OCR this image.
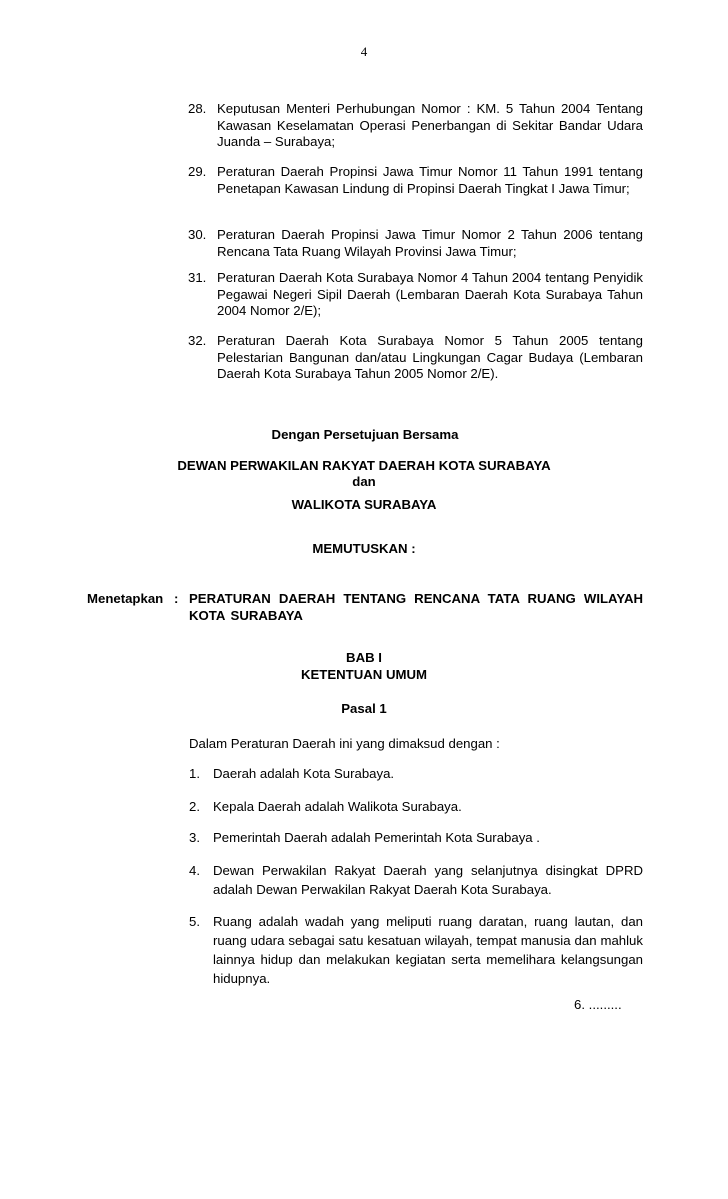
4
28. Keputusan Menteri Perhubungan Nomor : KM. 5 Tahun 2004 Tentang Kawasan Keselamatan Operasi Penerbangan di Sekitar Bandar Udara Juanda – Surabaya;
29. Peraturan Daerah Propinsi Jawa Timur Nomor 11 Tahun 1991 tentang Penetapan Kawasan Lindung di Propinsi Daerah Tingkat I Jawa Timur;
30. Peraturan Daerah Propinsi Jawa Timur Nomor 2 Tahun 2006 tentang Rencana Tata Ruang Wilayah Provinsi Jawa Timur;
31. Peraturan Daerah Kota Surabaya Nomor 4 Tahun 2004 tentang Penyidik Pegawai Negeri Sipil Daerah (Lembaran Daerah Kota Surabaya Tahun 2004 Nomor 2/E);
32. Peraturan Daerah Kota Surabaya Nomor 5 Tahun 2005 tentang Pelestarian Bangunan dan/atau Lingkungan Cagar Budaya (Lembaran Daerah Kota Surabaya Tahun 2005 Nomor 2/E).
Dengan Persetujuan Bersama
DEWAN PERWAKILAN RAKYAT DAERAH KOTA SURABAYA
dan
WALIKOTA SURABAYA
MEMUTUSKAN :
Menetapkan : PERATURAN DAERAH TENTANG RENCANA TATA RUANG WILAYAH KOTA SURABAYA
BAB I
KETENTUAN UMUM
Pasal 1
Dalam Peraturan Daerah ini yang dimaksud dengan :
1. Daerah adalah Kota Surabaya.
2. Kepala Daerah adalah Walikota Surabaya.
3. Pemerintah Daerah adalah Pemerintah Kota Surabaya .
4. Dewan Perwakilan Rakyat Daerah yang selanjutnya disingkat DPRD adalah Dewan Perwakilan Rakyat Daerah Kota Surabaya.
5. Ruang adalah wadah yang meliputi ruang daratan, ruang lautan, dan ruang udara sebagai satu kesatuan wilayah, tempat manusia dan mahluk lainnya hidup dan melakukan kegiatan serta memelihara kelangsungan hidupnya.
6. .........
